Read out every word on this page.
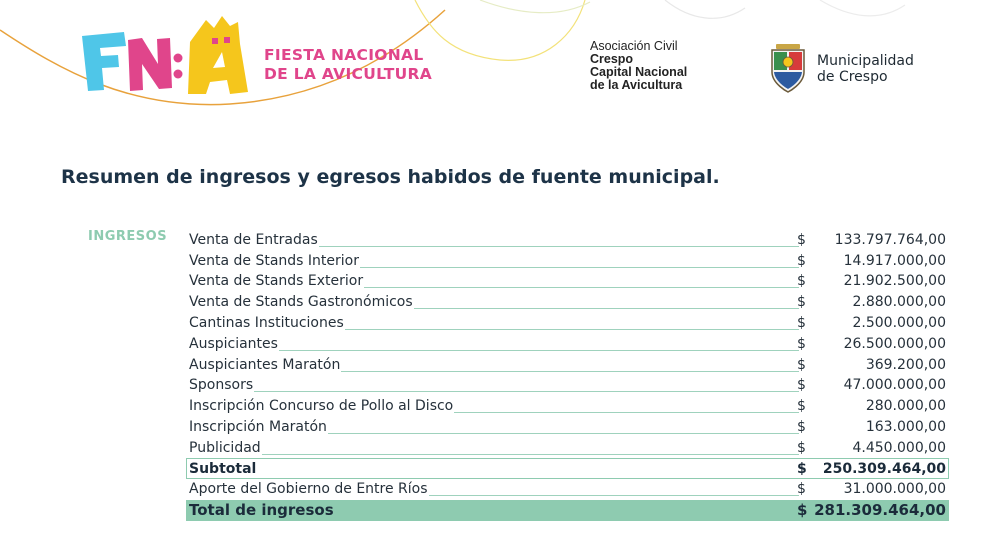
FIESTA NACIONAL
DE LA AVICULTURA
Asociación Civil
Crespo
Capital Nacional
de la Avicultura
Municipalidad
de Crespo
Resumen de ingresos y egresos habidos de fuente municipal.
INGRESOS Venta de Entradas	$ 133.797.764,00
Venta de Stands Interior	$	14.917.000,00
Venta de Stands Exterior	$	21.902.500,00
Venta de Stands Gastronómicos	$	2.880.000,00
Cantinas Instituciones	$	2.500.000,00
Auspiciantes	$	26.500.000,00
Auspiciantes Maratón	$	369.200,00
Sponsors	$	47.000.000,00
Inscripción Concurso de Pollo al Disco	$	280.000,00
Inscripción Maratón	$	163.000,00
Publicidad	$	4.450.000,00
Subtotal	$ 250.309.464,00
Aporte del Gobierno de Entre Ríos	$	31.000.000,00
Total de ingresos	$ 281.309.464,00
